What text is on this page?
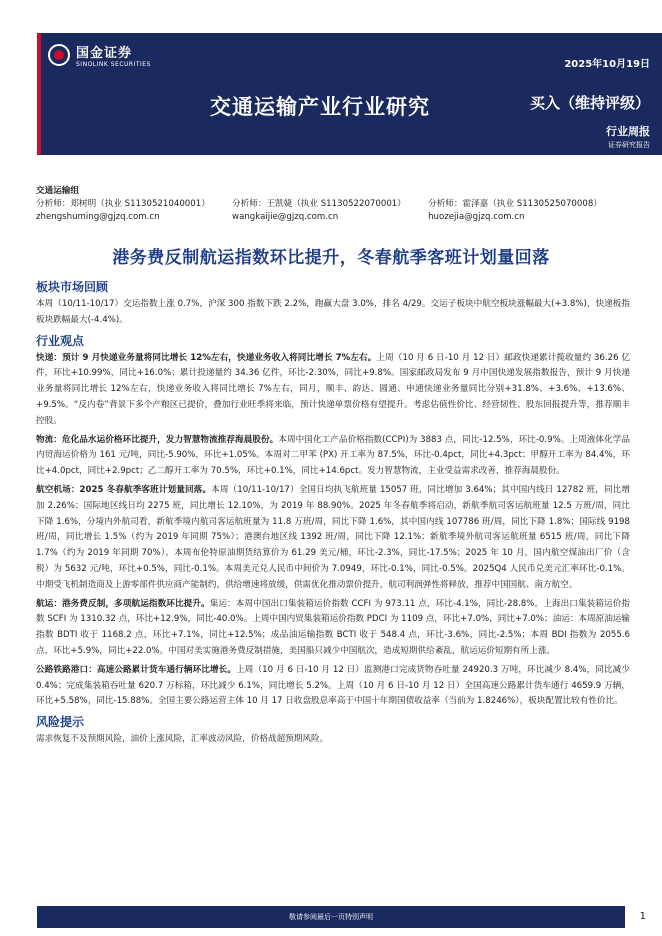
国金证券
SINOLINK SECURITIES	2025年10月19日
交通运输产业行业研究	买入（维持评级）
行业周报
证券研究报告
交通运输组
分析师：郑树明（执业 S1130521040001）	分析师：王凯婕（执业 S1130522070001）	分析师：霍泽嘉（执业 S1130525070008）
zhengshuming@gjzq.com.cn	wangkaijie@gjzq.com.cn	huozejia@gjzq.com.cn
港务费反制航运指数环比提升，冬春航季客班计划量回落
板块市场回顾

本周（10/11-10/17）交运指数上涨 0.7%，沪深 300 指数下跌 2.2%，跑赢大盘 3.0%，排名 4/29。交运子板块中航空板块涨幅最大(+3.8%)，快递板指板块跌幅最大(-4.4%)。

行业观点

快递：预计 9 月快递业务量将同比增长 12%左右，快递业务收入将同比增长 7%左右。上周（10 月 6 日-10 月 12 日）邮政快递累计揽收量约 36.26 亿件，环比+10.99%，同比+16.0%；累计投递量约 34.36 亿件，环比-2.30%，同比+9.8%。国家邮政局发布 9 月中国快递发展指数报告，预计 9 月快递业务量将同比增长 12%左右，快递业务收入将同比增长 7%左右，同月，顺丰、韵达、圆通、申通快递业务量同比分别+31.8%、+3.6%、+13.6%、+9.5%。“反内卷”背景下多个产粮区已提价，叠加行业旺季将来临，预计快递单票价格有望提升。考虑估值性价比、经营韧性、股东回报提升等，推荐顺丰控股。

物流：危化品水运价格环比提升，发力智慧物流推荐海晨股份。本周中国化工产品价格指数(CCPI)为 3883 点，同比-12.5%，环比-0.9%。上周液体化学品内贸海运价格为 161 元/吨，同比-5.90%，环比+1.05%。本周对二甲苯 (PX) 开工率为 87.5%，环比-0.4pct，同比+4.3pct；甲醇开工率为 84.4%，环比+4.0pct，同比+2.9pct；乙二醇开工率为 70.5%，环比+0.1%，同比+14.6pct。发力智慧物流，主业受益需求改善，推荐海晨股份。

航空机场：2025 冬春航季客班计划量回落。本周（10/11-10/17）全国日均执飞航班量 15057 班，同比增加 3.64%；其中国内线日 12782 班，同比增加 2.26%；国际地区线日均 2275 班，同比增长 12.10%，为 2019 年 88.90%。2025 年冬春航季将启动，新航季航司客运航班量 12.5 万班/周，同比下降 1.6%，分境内外航司看，新航季境内航司客运航班量为 11.8 万班/周，同比下降 1.6%，其中国内线 107786 班/周，同比下降 1.8%；国际线 9198 班/周，同比增长 1.5%（约为 2019 年同期 75%）；港澳台地区线 1392 班/周，同比下降 12.1%；新航季境外航司客运航班量 6515 班/周，同比下降 1.7%（约为 2019 年同期 70%）。本周布伦特原油期货结算价为 61.29 美元/桶，环比-2.3%，同比-17.5%；2025 年 10 月，国内航空煤油出厂价（含税）为 5632 元/吨，环比+0.5%，同比-0.1%。本周美元兑人民币中间价为 7.0949，环比-0.1%，同比-0.5%。2025Q4 人民币兑美元汇率环比-0.1%。中期受飞机制造商及上游零部件供应商产能制约，供给增速将放缓，供需优化推动票价提升，航司利润弹性将释放，推荐中国国航、南方航空。

航运：港务费反制，多项航运指数环比提升。集运：本周中国出口集装箱运价指数 CCFI 为 973.11 点，环比-4.1%，同比-28.8%。上海出口集装箱运价指数 SCFI 为 1310.32 点，环比+12.9%，同比-40.0%。上周中国内贸集装箱运价指数 PDCI 为 1109 点，环比+7.0%，同比+7.0%；油运：本周原油运输指数 BDTI 收于 1168.2 点，环比+7.1%，同比+12.5%；成品油运输指数 BCTI 收于 548.4 点，环比-3.6%，同比-2.5%；本周 BDI 指数为 2055.6 点，环比+5.9%，同比+22.0%。中国对美实施港务费反制措施，美国船只减少中国航次，造成短期供给紊乱，航运运价短期有所上涨。

公路铁路港口：高速公路累计货车通行辆环比增长。上周（10 月 6 日-10 月 12 日）监测港口完成货物吞吐量 24920.3 万吨，环比减少 8.4%，同比减少 0.4%；完成集装箱吞吐量 620.7 万标箱，环比减少 6.1%，同比增长 5.2%。上周（10 月 6 日-10 月 12 日）全国高速公路累计货车通行 4659.9 万辆，环比+5.58%，同比-15.88%。全国主要公路运营主体 10 月 17 日收盘股息率高于中国十年期国债收益率（当前为 1.8246%），板块配置比较有性价比。

风险提示

需求恢复不及预期风险，油价上涨风险，汇率波动风险，价格战超预期风险。

敬请参阅最后一页特别声明	1
